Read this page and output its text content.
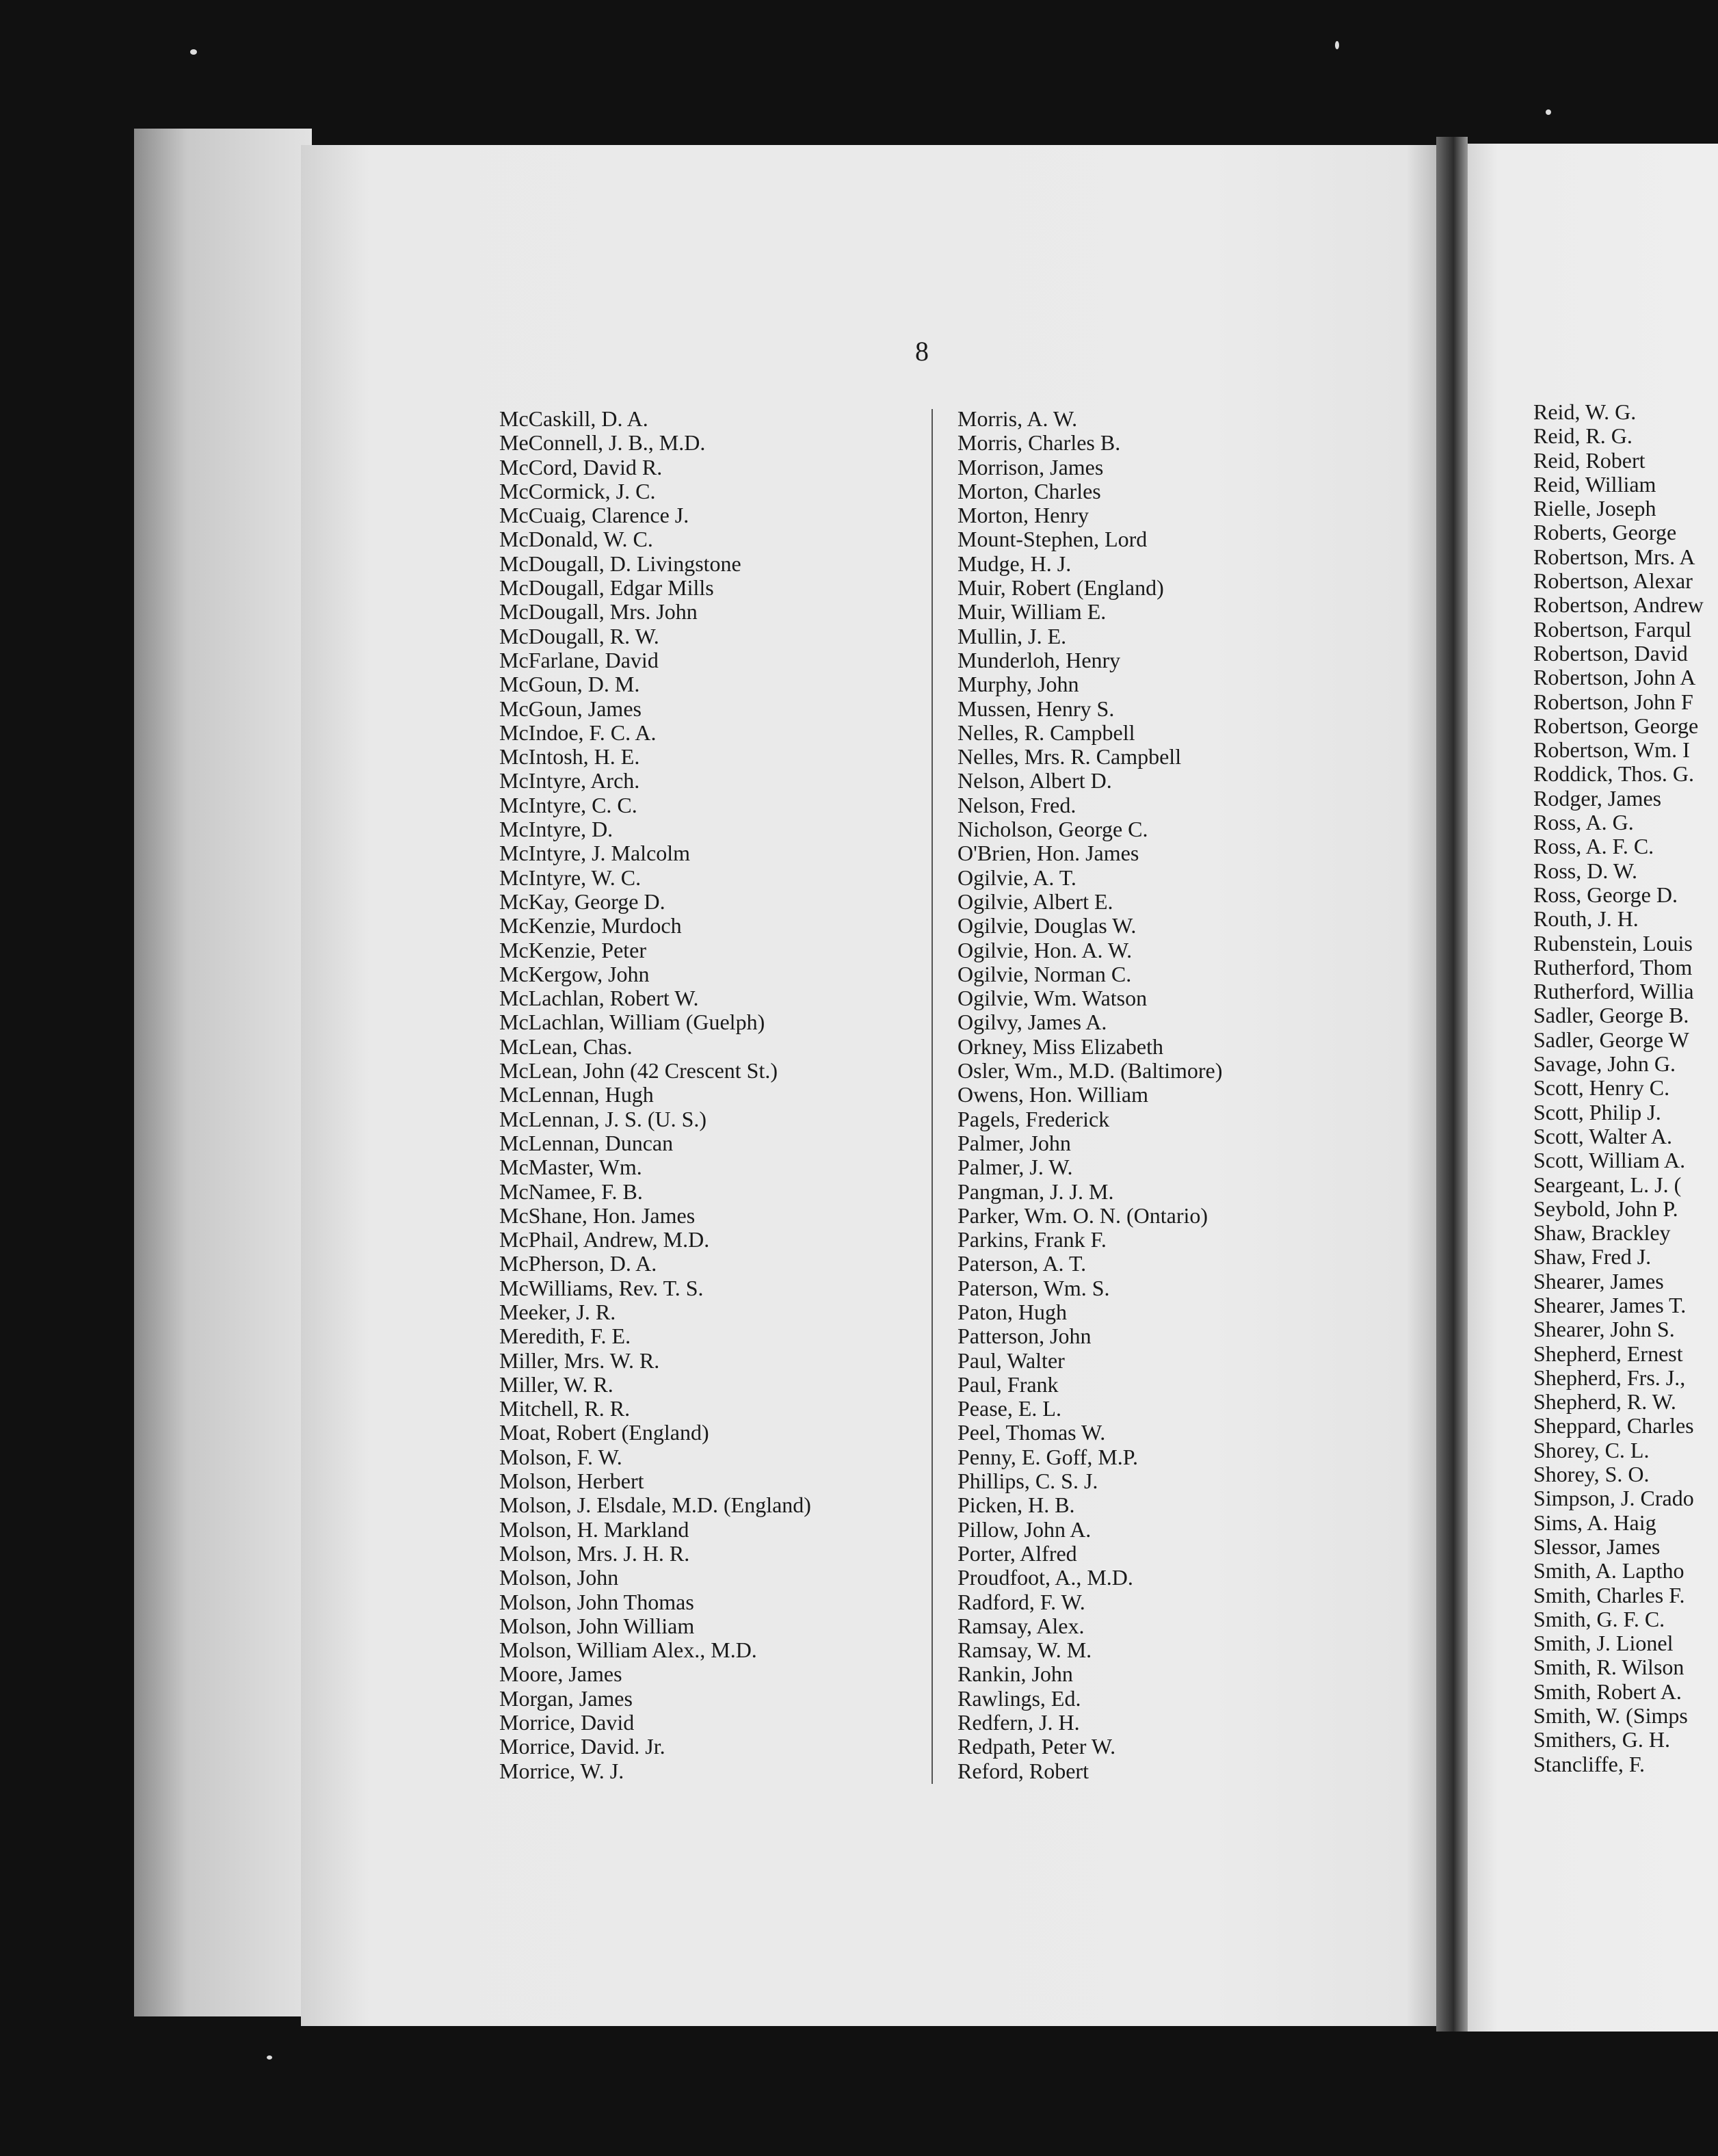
8
McCaskill, D. A.
MeConnell, J. B., M.D.
McCord, David R.
McCormick, J. C.
McCuaig, Clarence J.
McDonald, W. C.
McDougall, D. Livingstone
McDougall, Edgar Mills
McDougall, Mrs. John
McDougall, R. W.
McFarlane, David
McGoun, D. M.
McGoun, James
McIndoe, F. C. A.
McIntosh, H. E.
McIntyre, Arch.
McIntyre, C. C.
McIntyre, D.
McIntyre, J. Malcolm
McIntyre, W. C.
McKay, George D.
McKenzie, Murdoch
McKenzie, Peter
McKergow, John
McLachlan, Robert W.
McLachlan, William (Guelph)
McLean, Chas.
McLean, John (42 Crescent St.)
McLennan, Hugh
McLennan, J. S. (U. S.)
McLennan, Duncan
McMaster, Wm.
McNamee, F. B.
McShane, Hon. James
McPhail, Andrew, M.D.
McPherson, D. A.
McWilliams, Rev. T. S.
Meeker, J. R.
Meredith, F. E.
Miller, Mrs. W. R.
Miller, W. R.
Mitchell, R. R.
Moat, Robert (England)
Molson, F. W.
Molson, Herbert
Molson, J. Elsdale, M.D. (England)
Molson, H. Markland
Molson, Mrs. J. H. R.
Molson, John
Molson, John Thomas
Molson, John William
Molson, William Alex., M.D.
Moore, James
Morgan, James
Morrice, David
Morrice, David. Jr.
Morrice, W. J.
Morris, A. W.
Morris, Charles B.
Morrison, James
Morton, Charles
Morton, Henry
Mount-Stephen, Lord
Mudge, H. J.
Muir, Robert (England)
Muir, William E.
Mullin, J. E.
Munderloh, Henry
Murphy, John
Mussen, Henry S.
Nelles, R. Campbell
Nelles, Mrs. R. Campbell
Nelson, Albert D.
Nelson, Fred.
Nicholson, George C.
O'Brien, Hon. James
Ogilvie, A. T.
Ogilvie, Albert E.
Ogilvie, Douglas W.
Ogilvie, Hon. A. W.
Ogilvie, Norman C.
Ogilvie, Wm. Watson
Ogilvy, James A.
Orkney, Miss Elizabeth
Osler, Wm., M.D. (Baltimore)
Owens, Hon. William
Pagels, Frederick
Palmer, John
Palmer, J. W.
Pangman, J. J. M.
Parker, Wm. O. N. (Ontario)
Parkins, Frank F.
Paterson, A. T.
Paterson, Wm. S.
Paton, Hugh
Patterson, John
Paul, Walter
Paul, Frank
Pease, E. L.
Peel, Thomas W.
Penny, E. Goff, M.P.
Phillips, C. S. J.
Picken, H. B.
Pillow, John A.
Porter, Alfred
Proudfoot, A., M.D.
Radford, F. W.
Ramsay, Alex.
Ramsay, W. M.
Rankin, John
Rawlings, Ed.
Redfern, J. H.
Redpath, Peter W.
Reford, Robert
Reid, W. G.
Reid, R. G.
Reid, Robert
Reid, William
Rielle, Joseph
Roberts, George
Robertson, Mrs. A
Robertson, Alexar
Robertson, Andrew
Robertson, Farqul
Robertson, David
Robertson, John A
Robertson, John F
Robertson, George
Robertson, Wm. I
Roddick, Thos. G.
Rodger, James
Ross, A. G.
Ross, A. F. C.
Ross, D. W.
Ross, George D.
Routh, J. H.
Rubenstein, Louis
Rutherford, Thom
Rutherford, Willia
Sadler, George B.
Sadler, George W
Savage, John G.
Scott, Henry C.
Scott, Philip J.
Scott, Walter A.
Scott, William A.
Seargeant, L. J. (
Seybold, John P.
Shaw, Brackley
Shaw, Fred J.
Shearer, James
Shearer, James T.
Shearer, John S.
Shepherd, Ernest
Shepherd, Frs. J.,
Shepherd, R. W.
Sheppard, Charles
Shorey, C. L.
Shorey, S. O.
Simpson, J. Crado
Sims, A. Haig
Slessor, James
Smith, A. Laptho
Smith, Charles F.
Smith, G. F. C.
Smith, J. Lionel
Smith, R. Wilson
Smith, Robert A.
Smith, W. (Simps
Smithers, G. H.
Stancliffe, F.
